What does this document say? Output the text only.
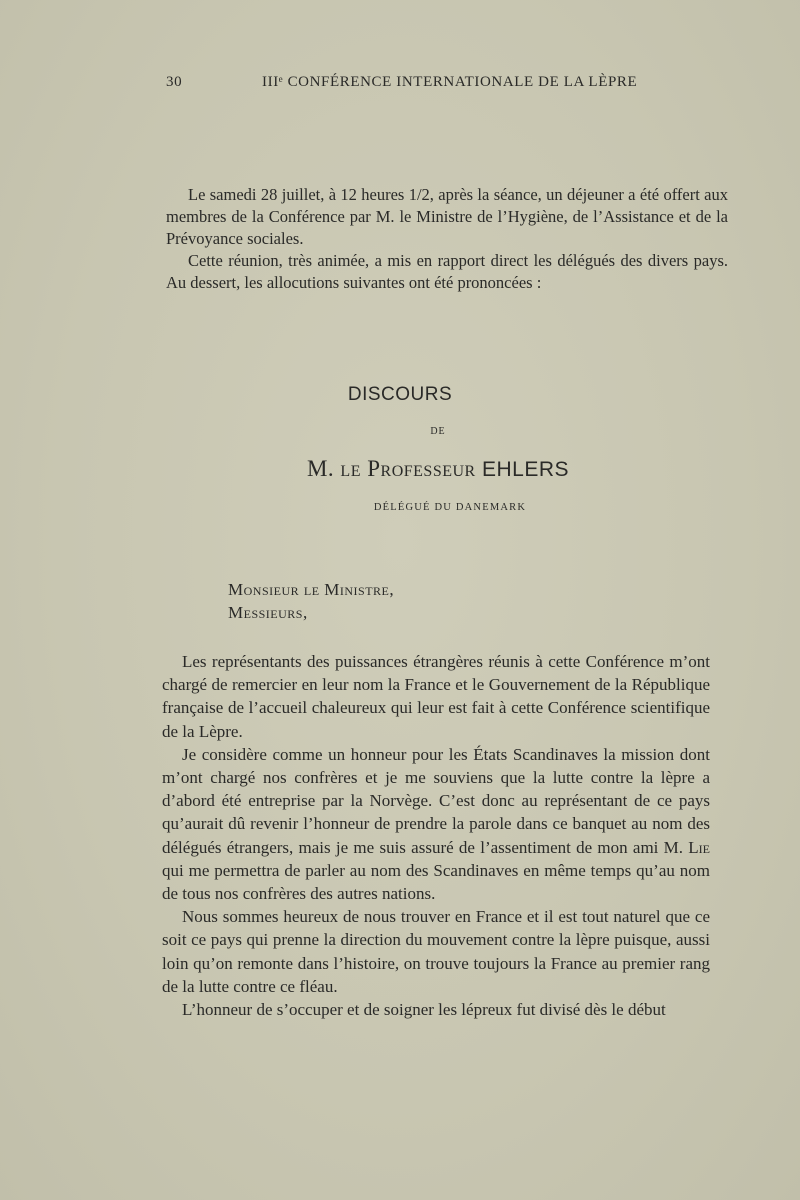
30	IIIᵉ CONFÉRENCE INTERNATIONALE DE LA LÈPRE

Le samedi 28 juillet, à 12 heures 1/2, après la séance, un déjeuner a été offert aux membres de la Conférence par M. le Ministre de l’Hygiène, de l’Assistance et de la Prévoyance sociales.

Cette réunion, très animée, a mis en rapport direct les délégués des divers pays. Au dessert, les allocutions suivantes ont été prononcées :

DISCOURS
DE
M. le Professeur EHLERS
DÉLÉGUÉ DU DANEMARK
Monsieur le Ministre,
Messieurs,

Les représentants des puissances étrangères réunis à cette Conférence m’ont chargé de remercier en leur nom la France et le Gouvernement de la République française de l’accueil chaleureux qui leur est fait à cette Conférence scientifique de la Lèpre.

Je considère comme un honneur pour les États Scandinaves la mission dont m’ont chargé nos confrères et je me souviens que la lutte contre la lèpre a d’abord été entreprise par la Norvège. C’est donc au représentant de ce pays qu’aurait dû revenir l’honneur de prendre la parole dans ce banquet au nom des délégués étrangers, mais je me suis assuré de l’assentiment de mon ami M. Lie qui me permettra de parler au nom des Scandinaves en même temps qu’au nom de tous nos confrères des autres nations.

Nous sommes heureux de nous trouver en France et il est tout naturel que ce soit ce pays qui prenne la direction du mouvement contre la lèpre puisque, aussi loin qu’on remonte dans l’histoire, on trouve toujours la France au premier rang de la lutte contre ce fléau.

L’honneur de s’occuper et de soigner les lépreux fut divisé dès le début
